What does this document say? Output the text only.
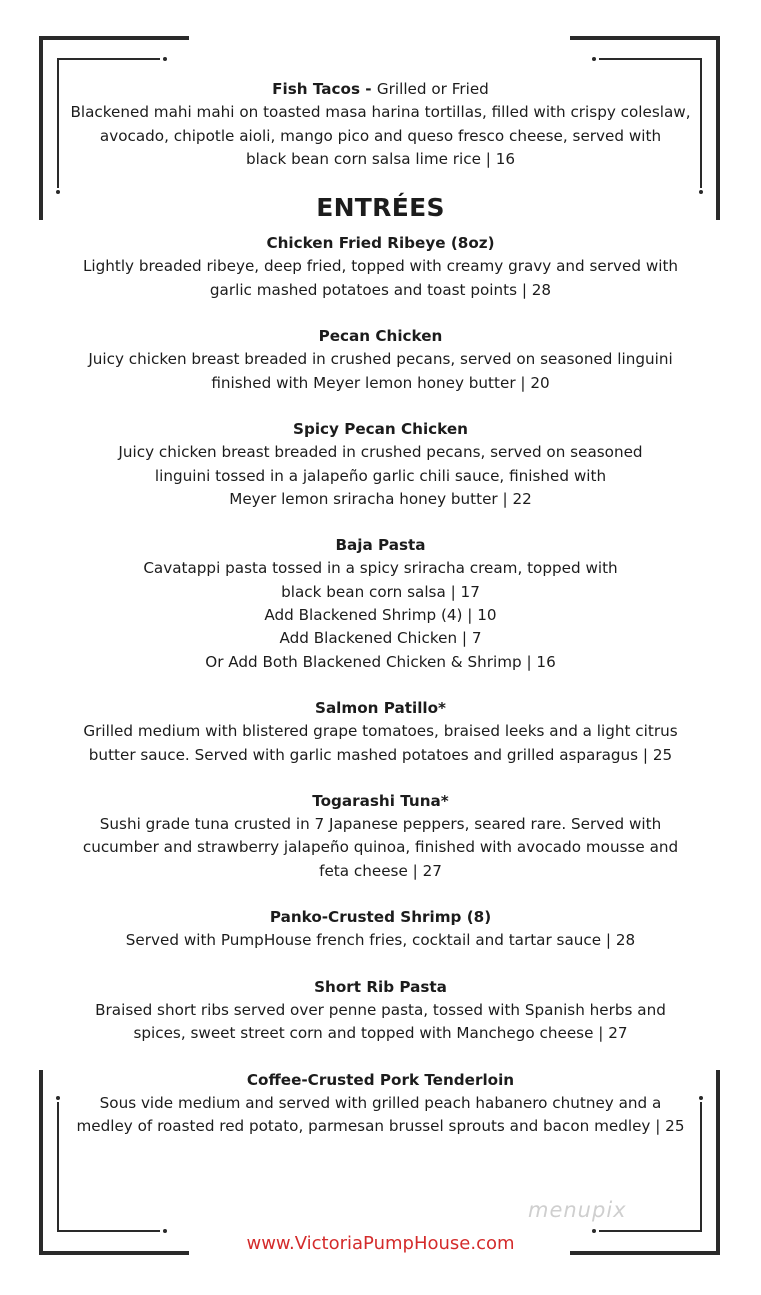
Fish Tacos - Grilled or Fried
Blackened mahi mahi on toasted masa harina tortillas, filled with crispy coleslaw,
avocado, chipotle aioli, mango pico and queso fresco cheese, served with
black bean corn salsa lime rice | 16
ENTRÉES
Chicken Fried Ribeye (8oz)
Lightly breaded ribeye, deep fried, topped with creamy gravy and served with
garlic mashed potatoes and toast points | 28
Pecan Chicken
Juicy chicken breast breaded in crushed pecans, served on seasoned linguini
finished with Meyer lemon honey butter | 20
Spicy Pecan Chicken
Juicy chicken breast breaded in crushed pecans, served on seasoned
linguini tossed in a jalapeño garlic chili sauce, finished with
Meyer lemon sriracha honey butter | 22
Baja Pasta
Cavatappi pasta tossed in a spicy sriracha cream, topped with
black bean corn salsa | 17
Add Blackened Shrimp (4) | 10
Add Blackened Chicken | 7
Or Add Both Blackened Chicken & Shrimp | 16
Salmon Patillo*
Grilled medium with blistered grape tomatoes, braised leeks and a light citrus
butter sauce. Served with garlic mashed potatoes and grilled asparagus | 25
Togarashi Tuna*
Sushi grade tuna crusted in 7 Japanese peppers, seared rare. Served with
cucumber and strawberry jalapeño quinoa, finished with avocado mousse and
feta cheese | 27
Panko-Crusted Shrimp (8)
Served with PumpHouse french fries, cocktail and tartar sauce | 28
Short Rib Pasta
Braised short ribs served over penne pasta, tossed with Spanish herbs and
spices, sweet street corn and topped with Manchego cheese | 27
Coffee-Crusted Pork Tenderloin
Sous vide medium and served with grilled peach habanero chutney and a
medley of roasted red potato, parmesan brussel sprouts and bacon medley | 25
menupix
www.VictoriaPumpHouse.com
